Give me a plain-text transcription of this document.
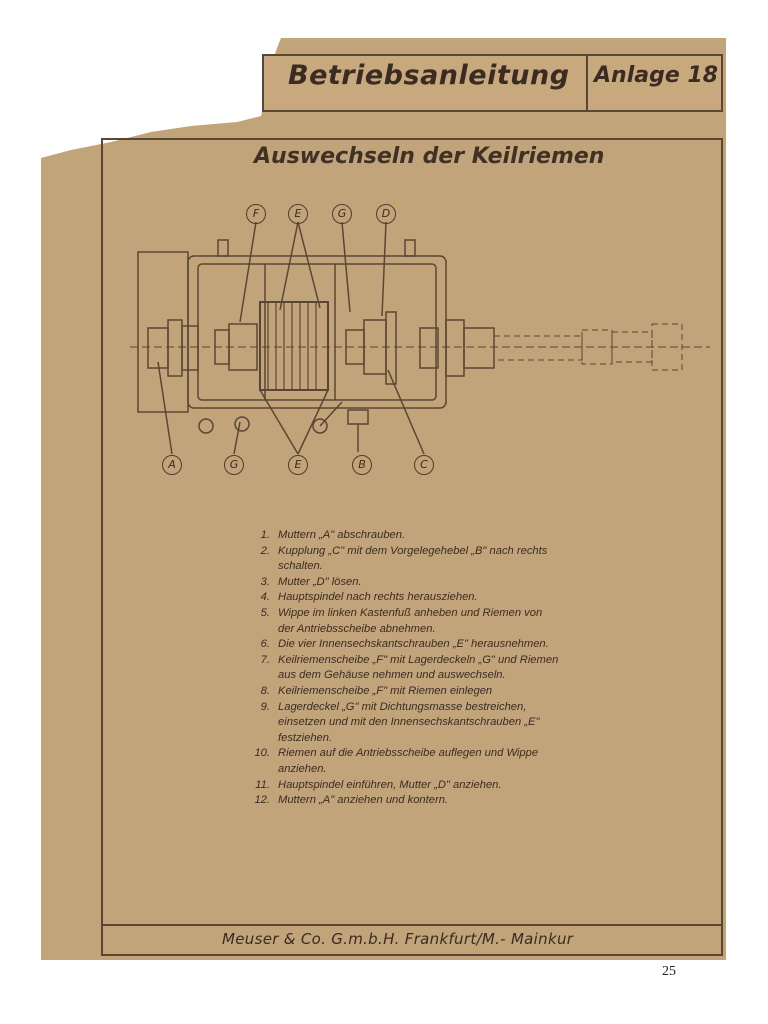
Betriebsanleitung Anlage 18
Auswechseln der Keilriemen
F	E	G	D
A	G	E	B	C
1. Muttern „A" abschrauben.
2. Kupplung „C" mit dem Vorgelegehebel „B" nach rechts schalten.
3. Mutter „D" lösen.
4. Hauptspindel nach rechts herausziehen.
5. Wippe im linken Kastenfuß anheben und Riemen von der Antriebsscheibe abnehmen.
6. Die vier Innensechskantschrauben „E" herausnehmen.
7. Keilriemenscheibe „F" mit Lagerdeckeln „G" und Riemen aus dem Gehäuse nehmen und auswechseln.
8. Keilriemenscheibe „F" mit Riemen einlegen
9. Lagerdeckel „G" mit Dichtungsmasse bestreichen, einsetzen und mit den Innensechskantschrauben „E" festziehen.
10. Riemen auf die Antriebsscheibe auflegen und Wippe anziehen.
11. Hauptspindel einführen, Mutter „D" anziehen.
12. Muttern „A" anziehen und kontern.
Meuser & Co. G.m.b.H. Frankfurt/M.- Mainkur
25
